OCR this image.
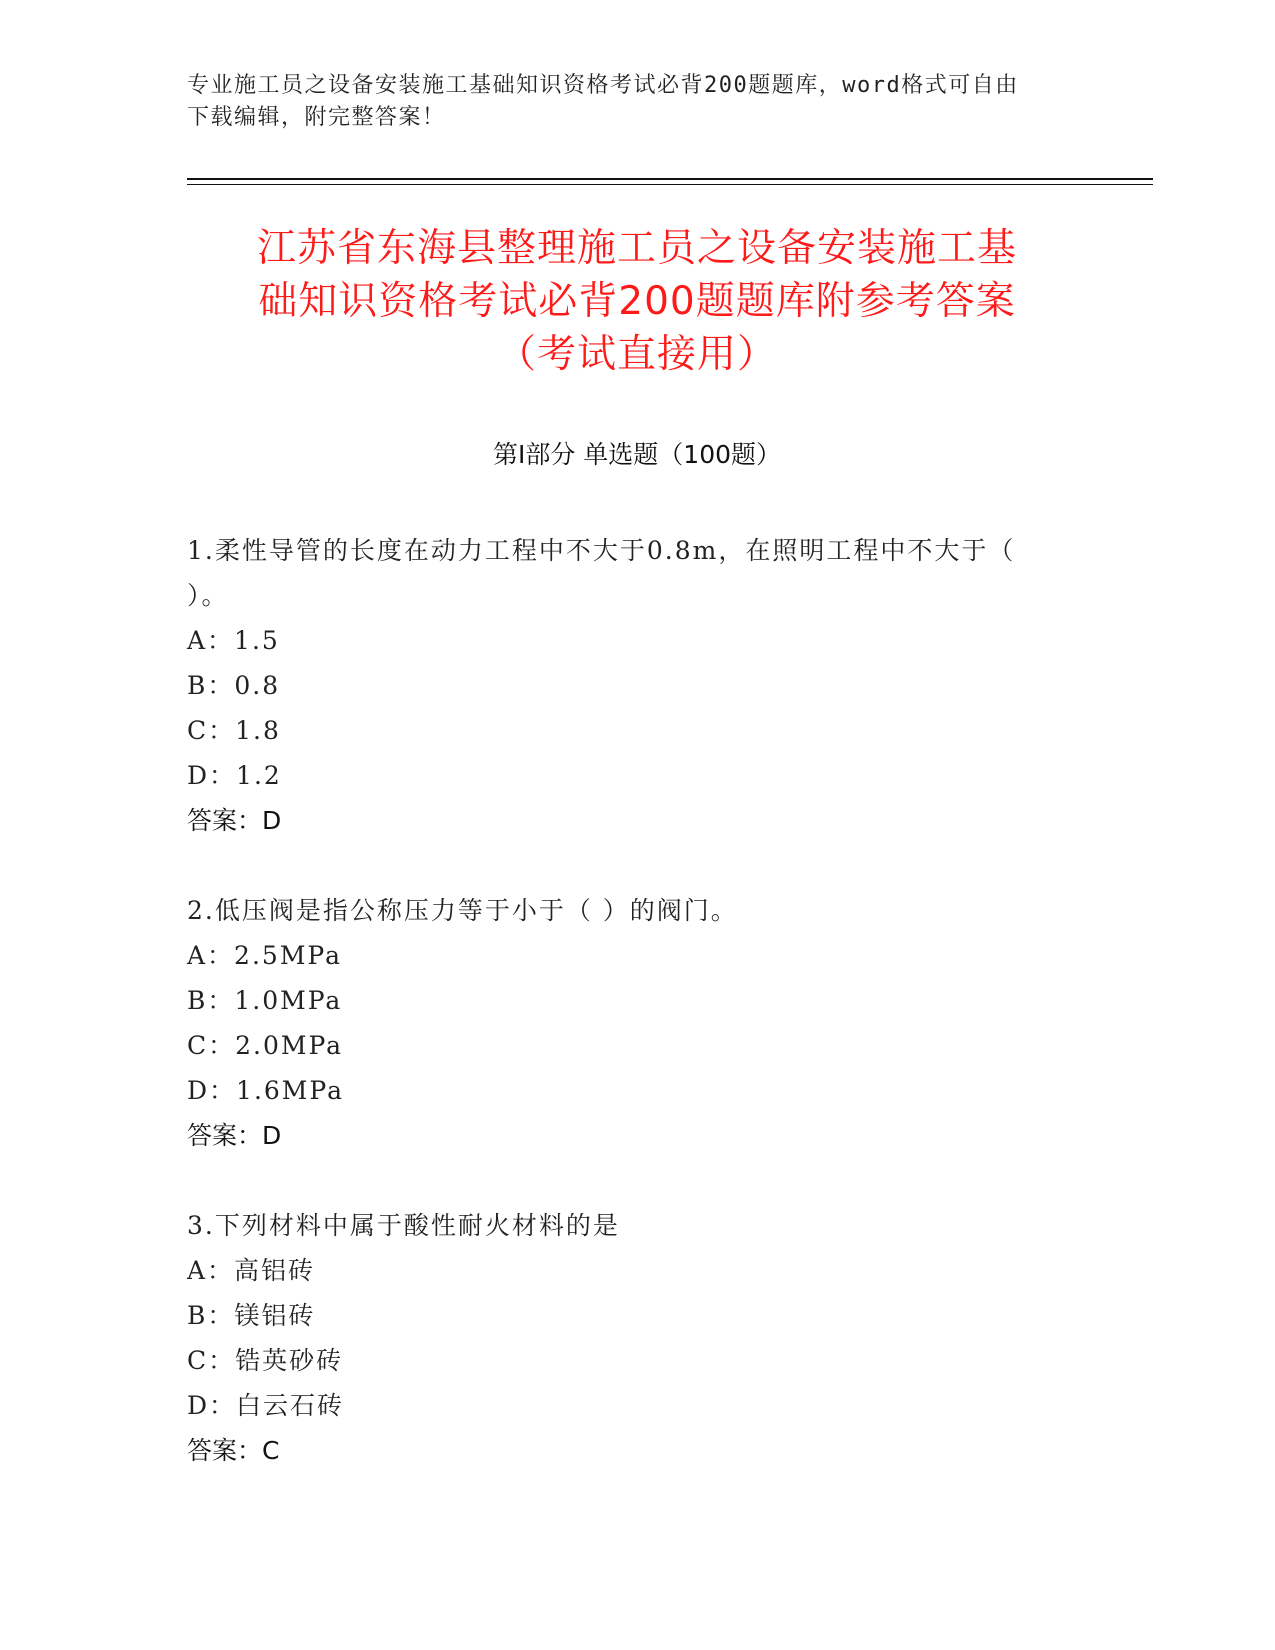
专业施工员之设备安装施工基础知识资格考试必背200题题库，word格式可自由
下载编辑，附完整答案！
江苏省东海县整理施工员之设备安装施工基
础知识资格考试必背200题题库附参考答案
（考试直接用）
第Ⅰ部分 单选题（100题）
1.柔性导管的长度在动力工程中不大于0.8m，在照明工程中不大于（
）。
A：1.5
B：0.8
C：1.8
D：1.2
答案：D
2.低压阀是指公称压力等于小于（ ）的阀门。
A：2.5MPa
B：1.0MPa
C：2.0MPa
D：1.6MPa
答案：D
3.下列材料中属于酸性耐火材料的是
A：高铝砖
B：镁铝砖
C：锆英砂砖
D：白云石砖
答案：C
